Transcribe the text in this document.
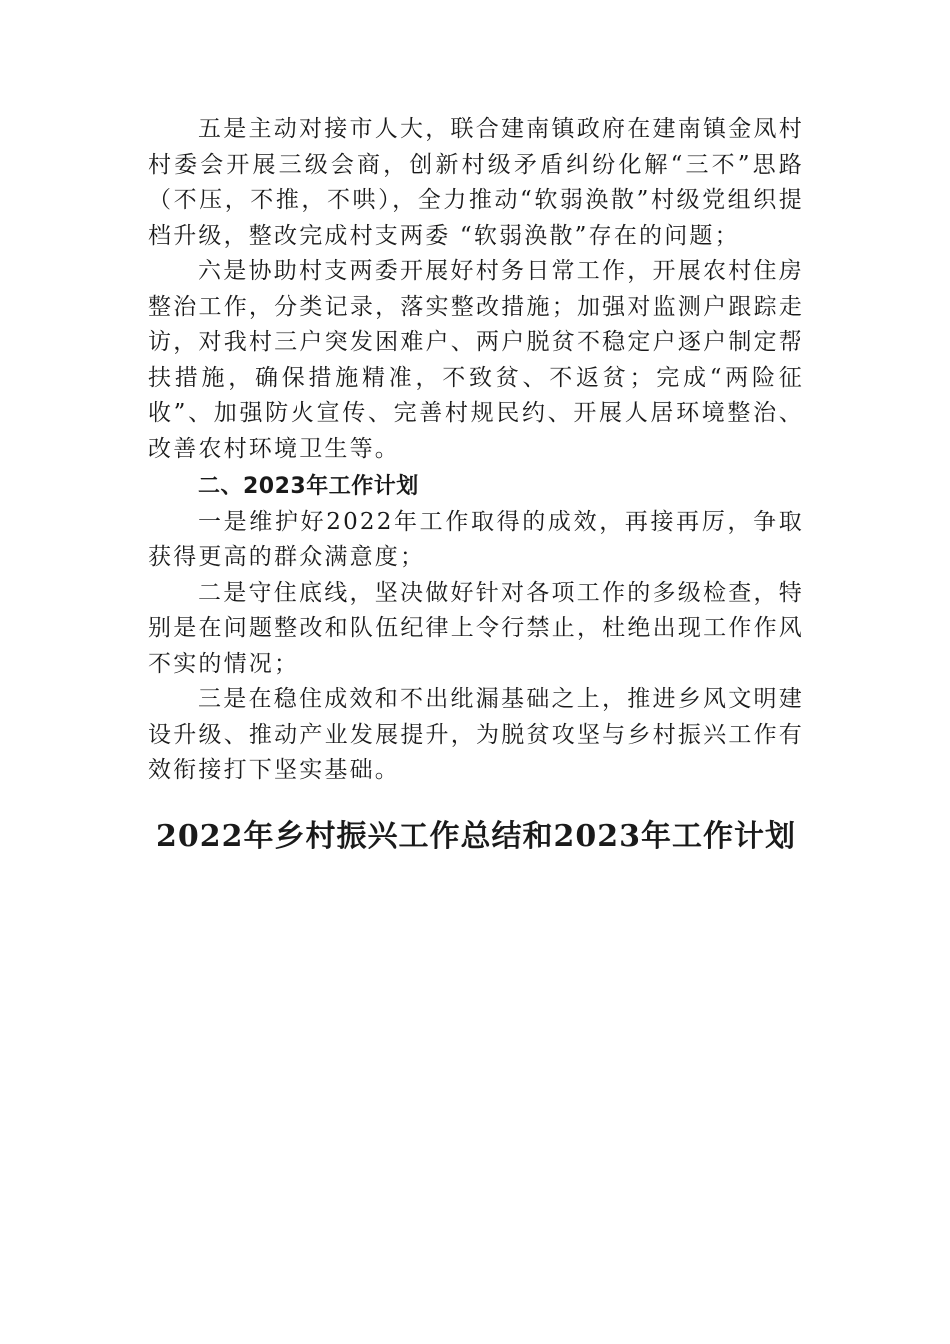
五是主动对接市人大，联合建南镇政府在建南镇金凤村村委会开展三级会商，创新村级矛盾纠纷化解“三不”思路（不压，不推，不哄），全力推动“软弱涣散”村级党组织提档升级，整改完成村支两委 “软弱涣散”存在的问题；

六是协助村支两委开展好村务日常工作，开展农村住房整治工作，分类记录，落实整改措施；加强对监测户跟踪走访，对我村三户突发困难户、两户脱贫不稳定户逐户制定帮扶措施，确保措施精准，不致贫、不返贫；完成“两险征收”、加强防火宣传、完善村规民约、开展人居环境整治、改善农村环境卫生等。

二、2023年工作计划

一是维护好2022年工作取得的成效，再接再厉，争取获得更高的群众满意度；

二是守住底线，坚决做好针对各项工作的多级检查，特别是在问题整改和队伍纪律上令行禁止，杜绝出现工作作风不实的情况；

三是在稳住成效和不出纰漏基础之上，推进乡风文明建设升级、推动产业发展提升，为脱贫攻坚与乡村振兴工作有效衔接打下坚实基础。

2022年乡村振兴工作总结和2023年工作计划
